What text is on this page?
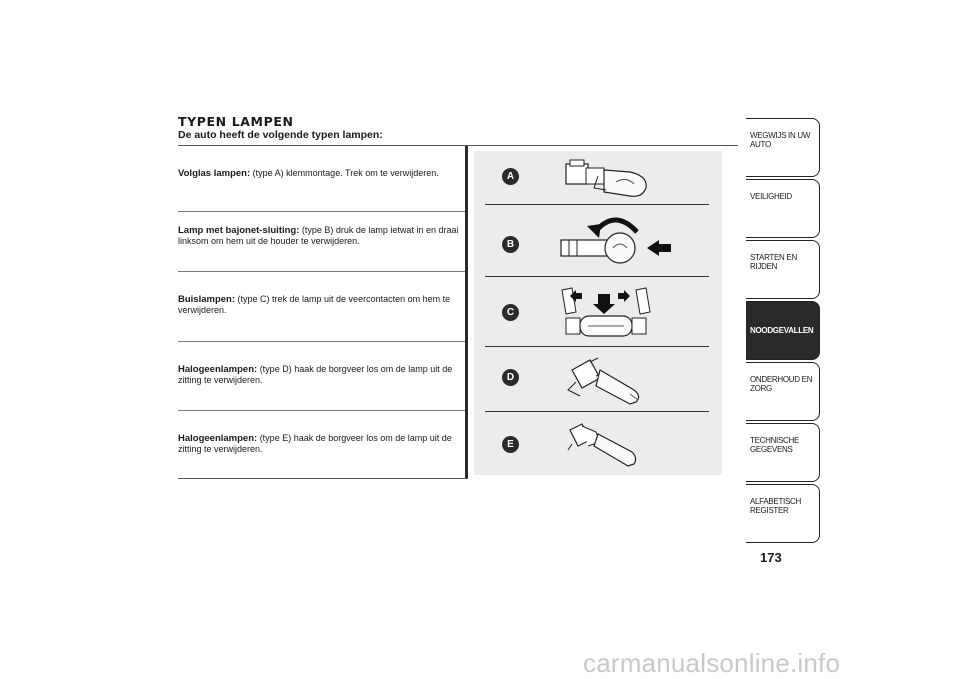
TYPEN LAMPEN
De auto heeft de volgende typen lampen:
Volglas lampen: (type A) klemmontage. Trek om te verwijderen.
Lamp met bajonet-sluiting: (type B) druk de lamp ietwat in en draai linksom om hem uit de houder te verwijderen.
Buislampen: (type C) trek de lamp uit de veercontacten om hem te verwijderen.
Halogeenlampen: (type D) haak de borgveer los om de lamp uit de zitting te verwijderen.
Halogeenlampen: (type E) haak de borgveer los om de lamp uit de zitting te verwijderen.
A
B
C
D
E
WEGWIJS IN UW AUTO
VEILIGHEID
STARTEN EN RIJDEN
NOODGEVALLEN
ONDERHOUD EN ZORG
TECHNISCHE GEGEVENS
ALFABETISCH REGISTER
173
carmanualsonline.info
